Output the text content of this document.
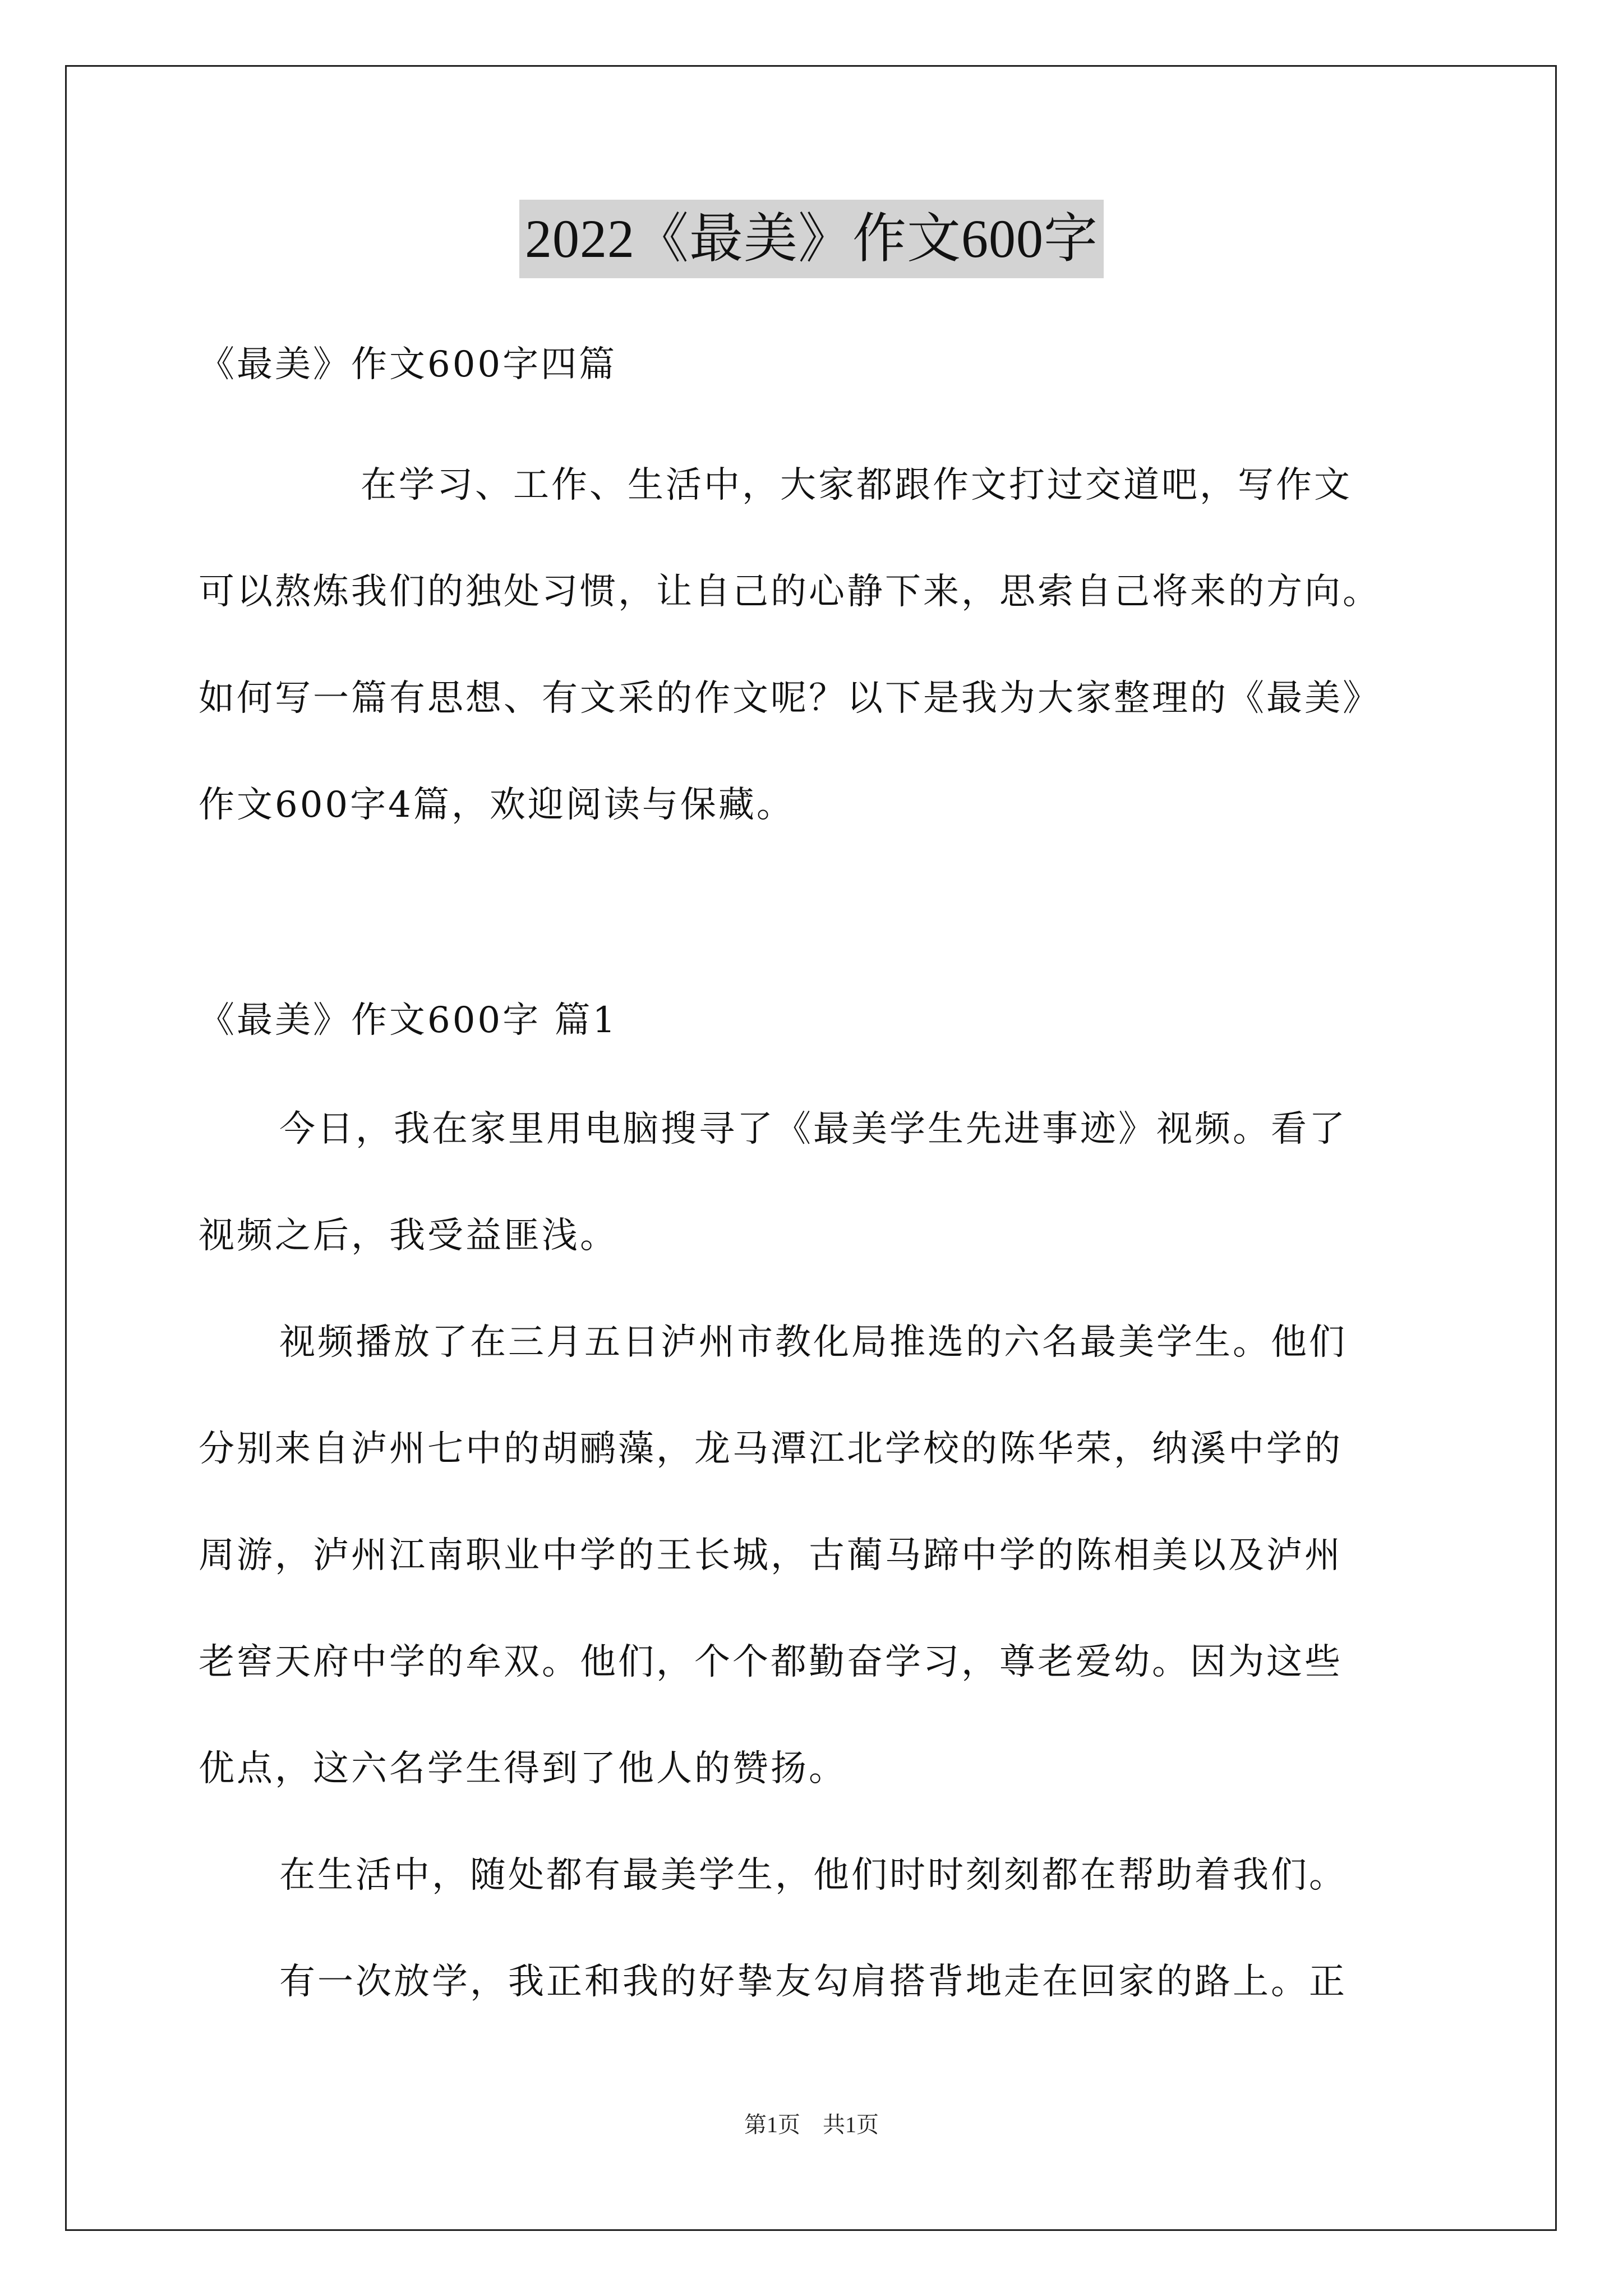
2022《最美》作文600字
《最美》作文600字四篇
在学习、工作、生活中，大家都跟作文打过交道吧，写作文
可以熬炼我们的独处习惯，让自己的心静下来，思索自己将来的方向。
如何写一篇有思想、有文采的作文呢？以下是我为大家整理的《最美》
作文600字4篇，欢迎阅读与保藏。
《最美》作文600字 篇1
今日，我在家里用电脑搜寻了《最美学生先进事迹》视频。看了
视频之后，我受益匪浅。
视频播放了在三月五日泸州市教化局推选的六名最美学生。他们
分别来自泸州七中的胡鹂藻，龙马潭江北学校的陈华荣，纳溪中学的
周游，泸州江南职业中学的王长城，古蔺马蹄中学的陈相美以及泸州
老窖天府中学的牟双。他们，个个都勤奋学习，尊老爱幼。因为这些
优点，这六名学生得到了他人的赞扬。
在生活中，随处都有最美学生，他们时时刻刻都在帮助着我们。
有一次放学，我正和我的好挚友勾肩搭背地走在回家的路上。正
第1页　共1页
